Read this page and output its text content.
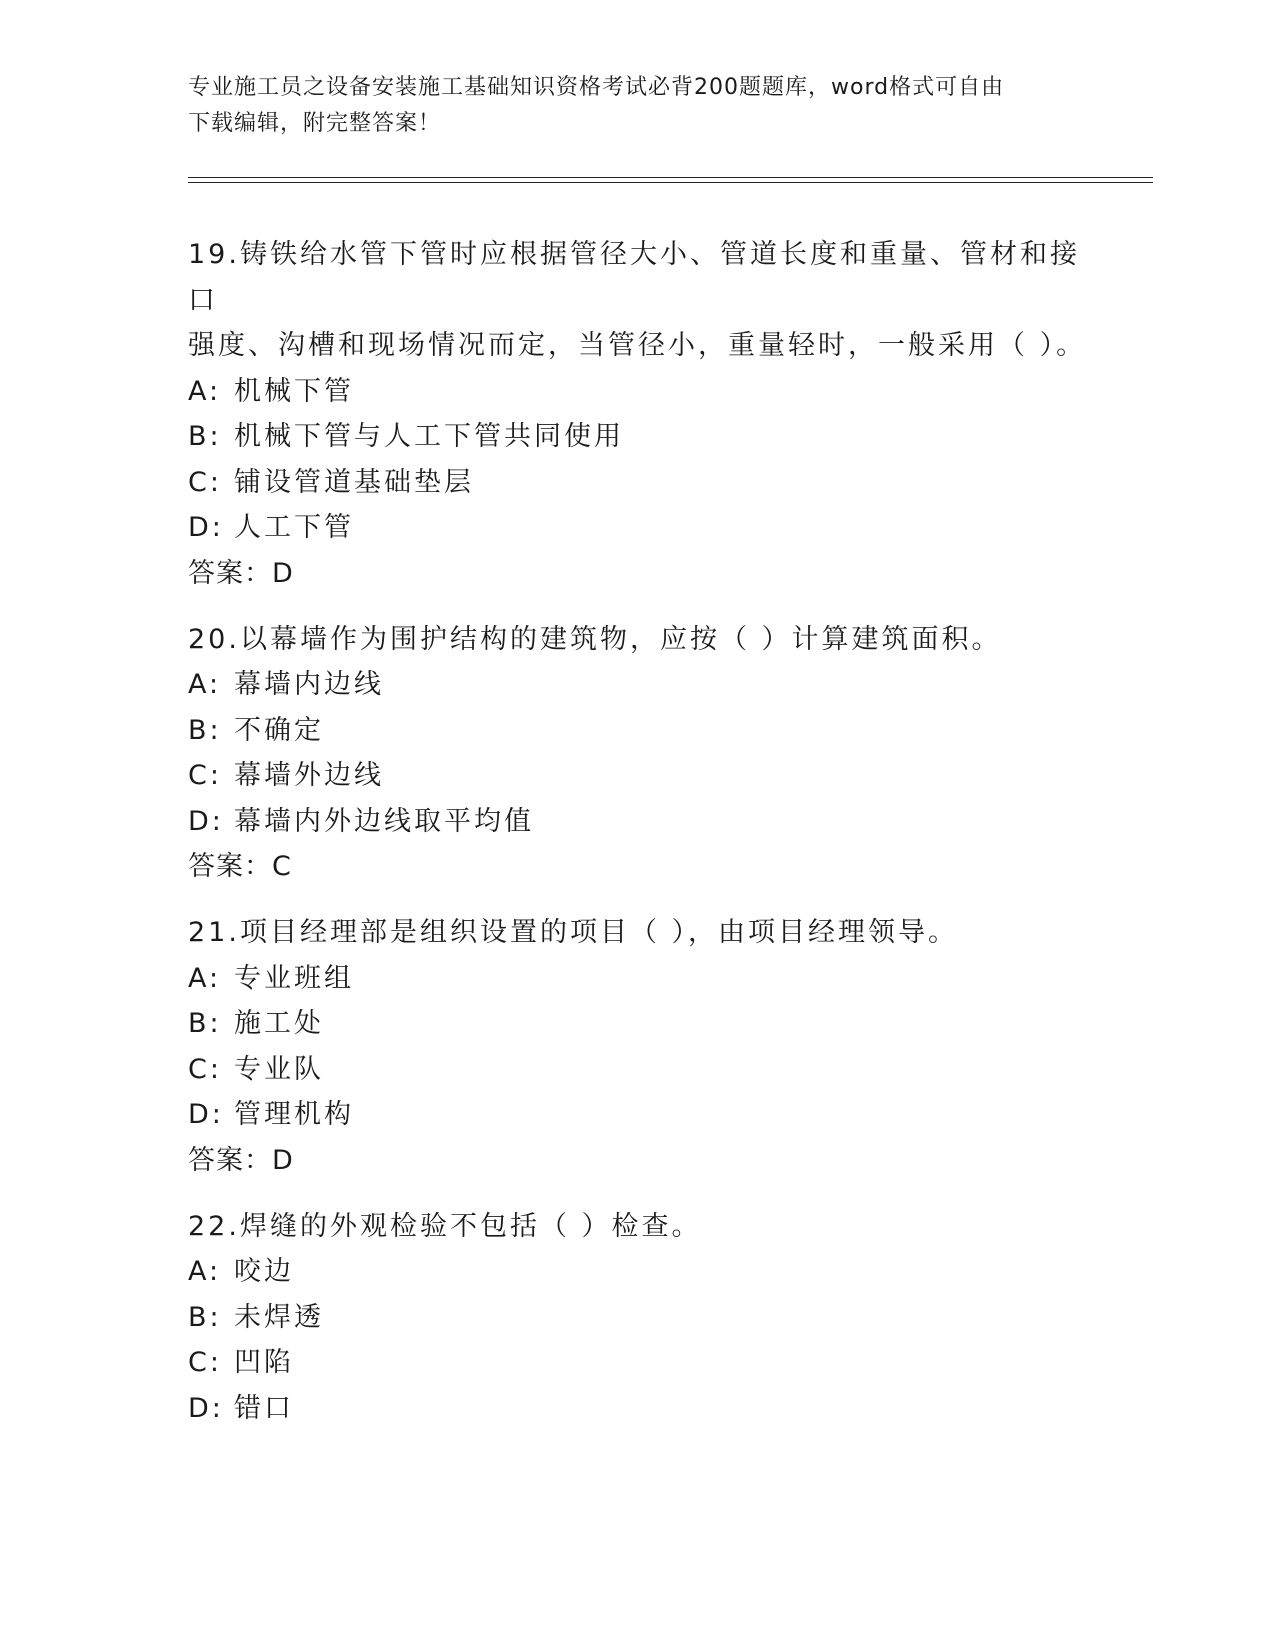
专业施工员之设备安装施工基础知识资格考试必背200题题库，word格式可自由
下载编辑，附完整答案！

19.铸铁给水管下管时应根据管径大小、管道长度和重量、管材和接口

强度、沟槽和现场情况而定，当管径小，重量轻时，一般采用（ ）。

A: 机械下管

B: 机械下管与人工下管共同使用

C: 铺设管道基础垫层

D: 人工下管

答案：D

20.以幕墙作为围护结构的建筑物，应按（ ）计算建筑面积。

A: 幕墙内边线

B: 不确定

C: 幕墙外边线

D: 幕墙内外边线取平均值

答案：C

21.项目经理部是组织设置的项目（ ），由项目经理领导。

A: 专业班组

B: 施工处

C: 专业队

D: 管理机构

答案：D

22.焊缝的外观检验不包括（ ）检查。

A: 咬边

B: 未焊透

C: 凹陷

D: 错口
